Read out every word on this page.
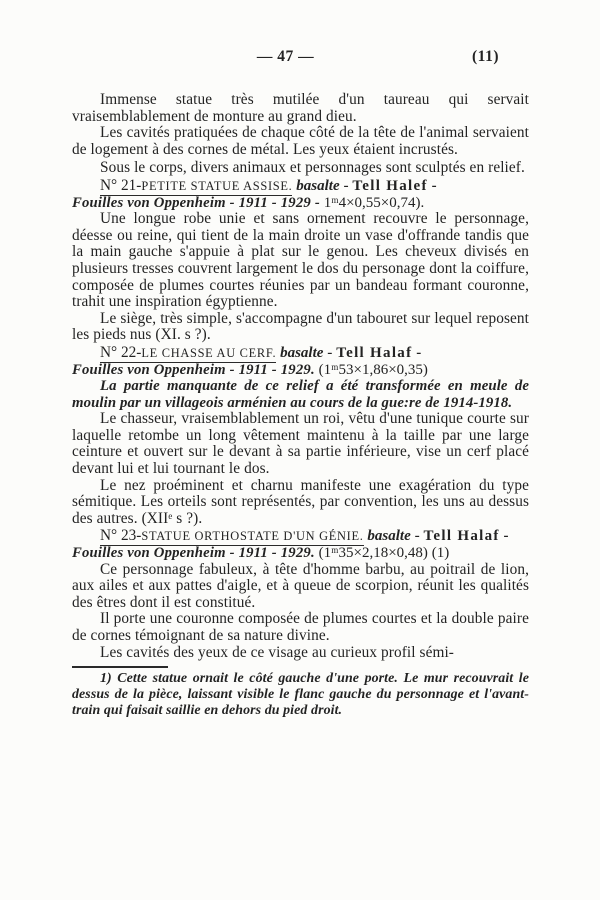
— 47 —	(11)

Immense statue très mutilée d'un taureau qui servait vraisemblablement de monture au grand dieu.

Les cavités pratiquées de chaque côté de la tête de l'animal servaient de logement à des cornes de métal. Les yeux étaient incrustés.

Sous le corps, divers animaux et personnages sont sculptés en relief.

N° 21-PETITE STATUE ASSISE. basalte - Tell Halef -

Fouilles von Oppenheim - 1911 - 1929 - 1ᵐ4×0,55×0,74).

Une longue robe unie et sans ornement recouvre le personnage, déesse ou reine, qui tient de la main droite un vase d'offrande tandis que la main gauche s'appuie à plat sur le genou. Les cheveux divisés en plusieurs tresses couvrent largement le dos du personage dont la coiffure, composée de plumes courtes réunies par un bandeau formant couronne, trahit une inspiration égyptienne.

Le siège, très simple, s'accompagne d'un tabouret sur lequel reposent les pieds nus (XI. s ?).

N° 22-LE CHASSE AU CERF. basalte - Tell Halaf -

Fouilles von Oppenheim - 1911 - 1929. (1ᵐ53×1,86×0,35)

La partie manquante de ce relief a été transformée en meule de moulin par un villageois arménien au cours de la gue:re de 1914-1918.

Le chasseur, vraisemblablement un roi, vêtu d'une tunique courte sur laquelle retombe un long vêtement maintenu à la taille par une large ceinture et ouvert sur le devant à sa partie inférieure, vise un cerf placé devant lui et lui tournant le dos.

Le nez proéminent et charnu manifeste une exagération du type sémitique. Les orteils sont représentés, par convention, les uns au dessus des autres. (XIIᵉ s ?).

N° 23-STATUE ORTHOSTATE D'UN GÉNIE. basalte - Tell Halaf -

Fouilles von Oppenheim - 1911 - 1929. (1ᵐ35×2,18×0,48) (1)

Ce personnage fabuleux, à tête d'homme barbu, au poitrail de lion, aux ailes et aux pattes d'aigle, et à queue de scorpion, réunit les qualités des êtres dont il est constitué.

Il porte une couronne composée de plumes courtes et la double paire de cornes témoignant de sa nature divine.

Les cavités des yeux de ce visage au curieux profil sémi-

1) Cette statue ornait le côté gauche d'une porte. Le mur recouvrait le dessus de la pièce, laissant visible le flanc gauche du personnage et l'avant-train qui faisait saillie en dehors du pied droit.
